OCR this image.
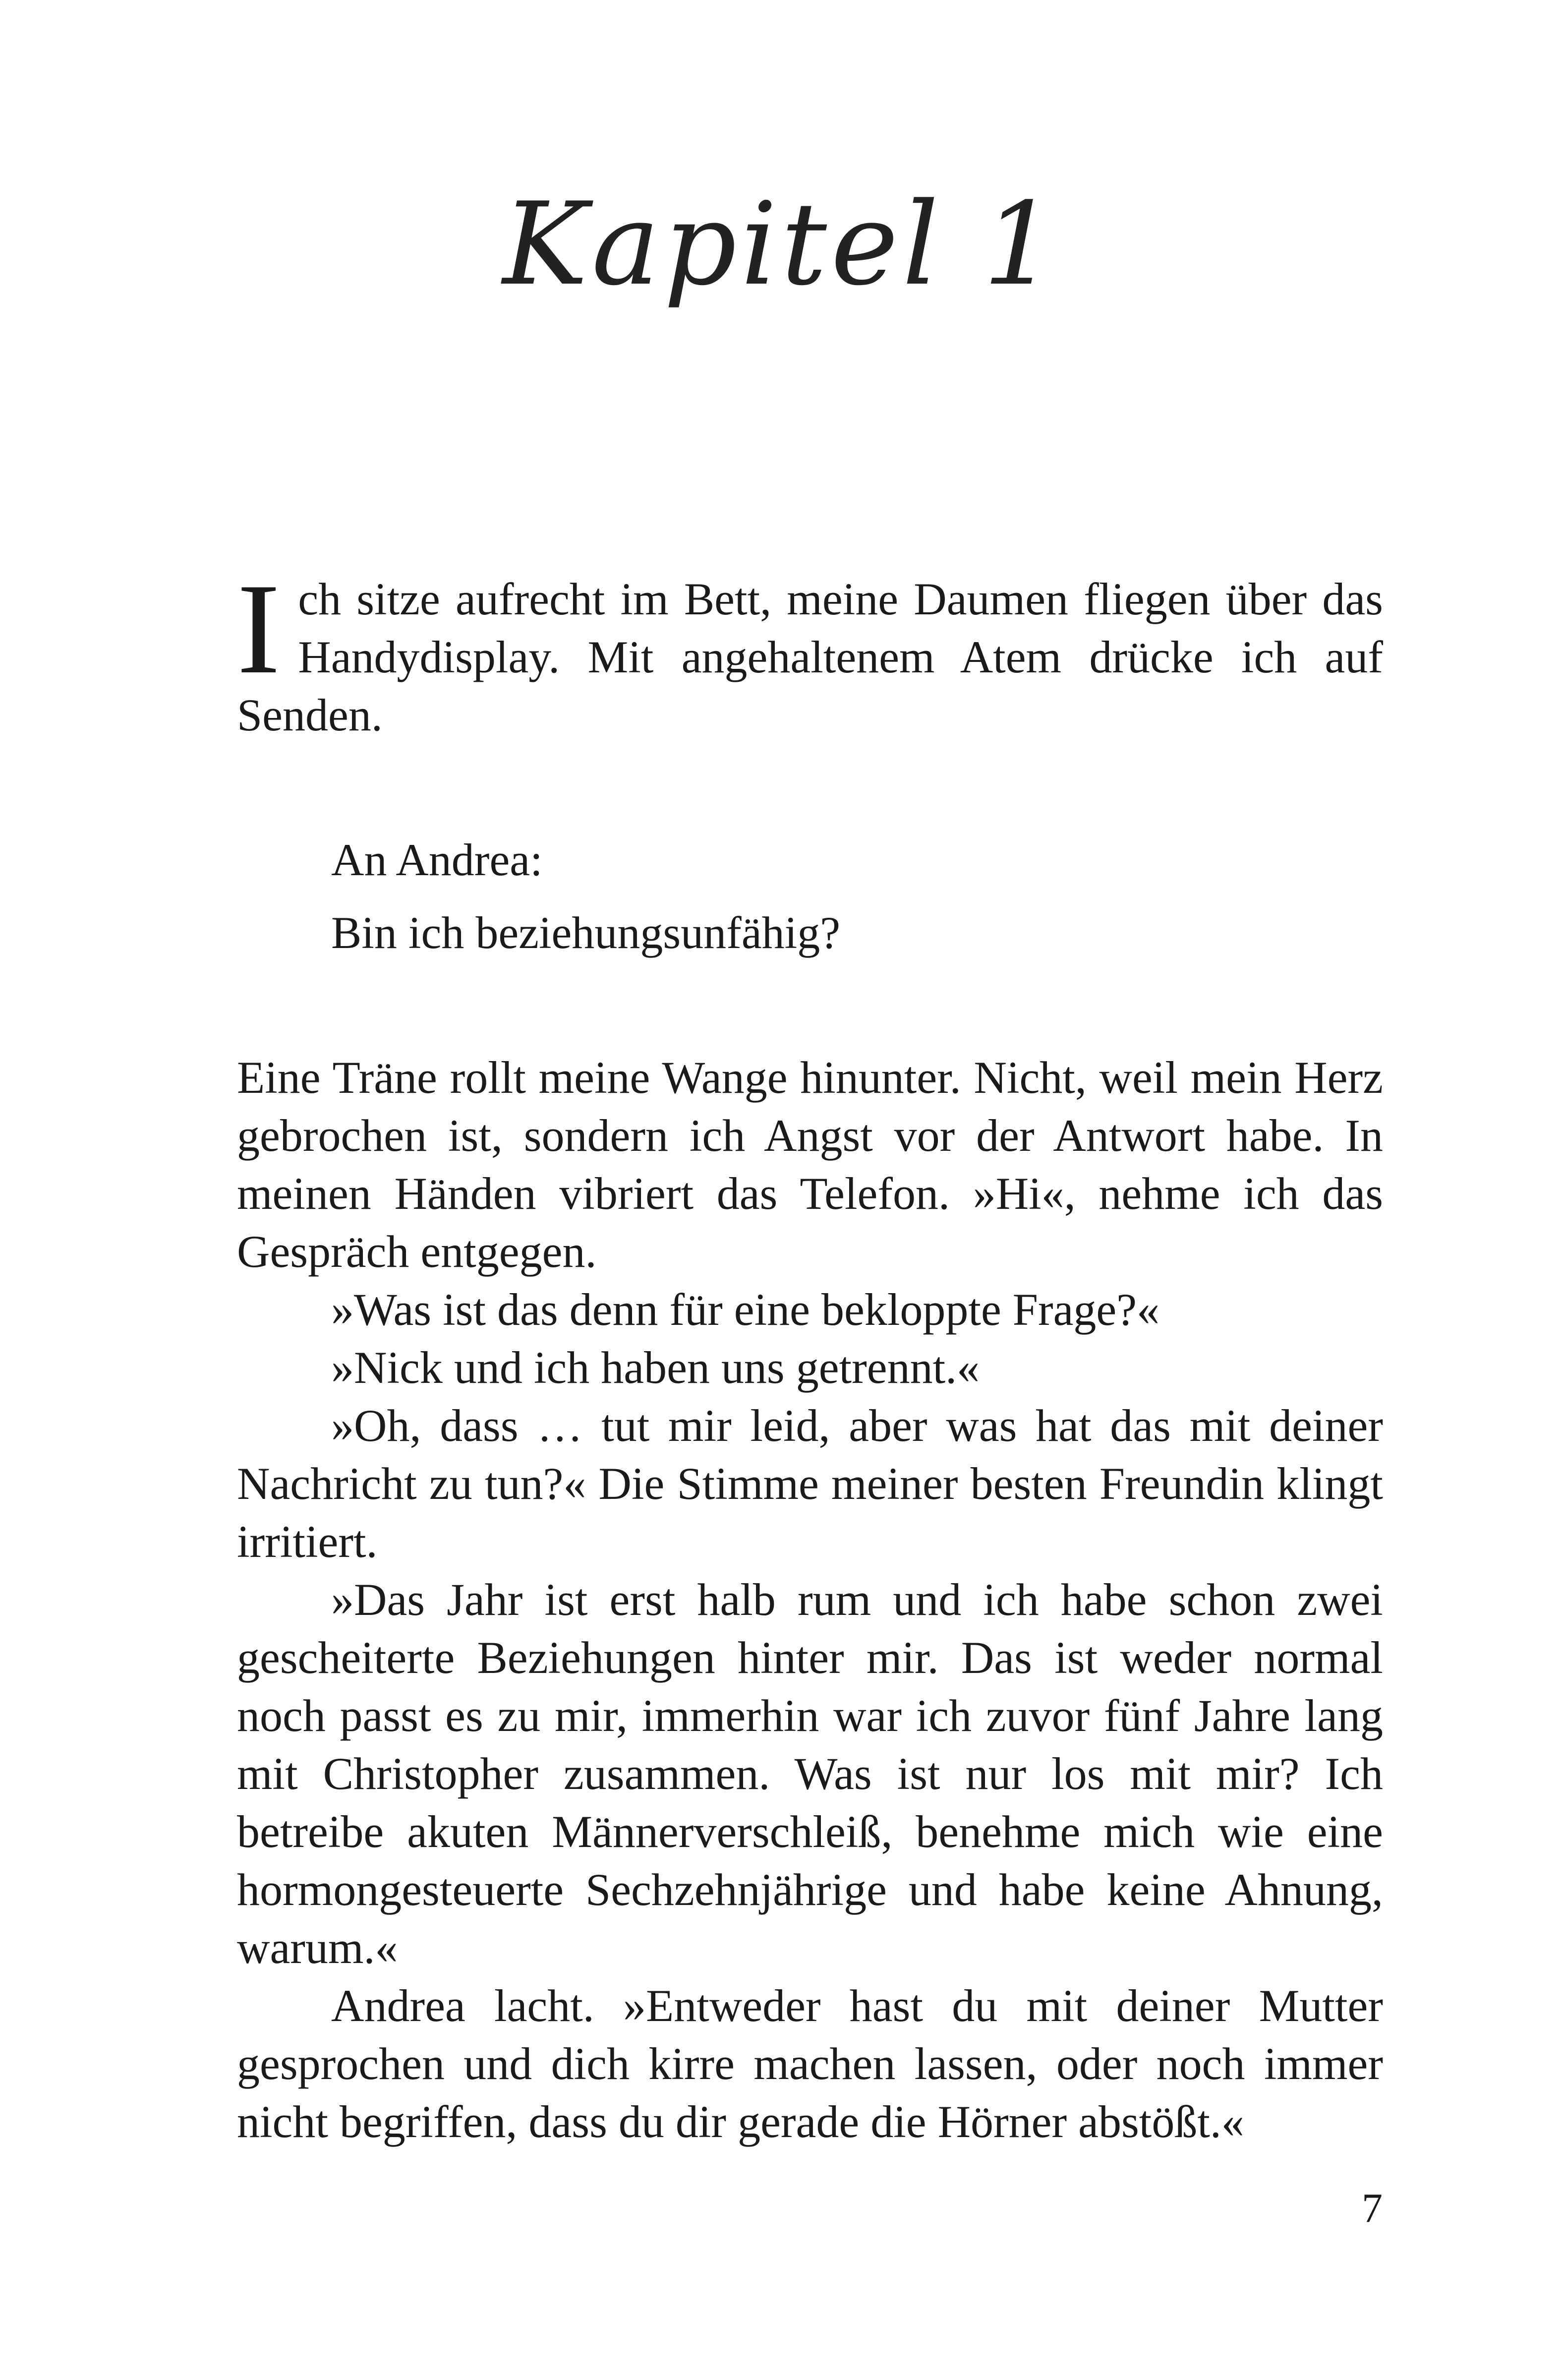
Kapitel 1

Ich sitze aufrecht im Bett, meine Daumen fliegen über das Handydisplay. Mit angehaltenem Atem drücke ich auf Senden.

An Andrea:
Bin ich beziehungsunfähig?

Eine Träne rollt meine Wange hinunter. Nicht, weil mein Herz gebrochen ist, sondern ich Angst vor der Antwort habe. In meinen Händen vibriert das Telefon. »Hi«, nehme ich das Gespräch entgegen.

»Was ist das denn für eine bekloppte Frage?«

»Nick und ich haben uns getrennt.«

»Oh, dass … tut mir leid, aber was hat das mit deiner Nachricht zu tun?« Die Stimme meiner besten Freundin klingt irritiert.

»Das Jahr ist erst halb rum und ich habe schon zwei gescheiterte Beziehungen hinter mir. Das ist weder normal noch passt es zu mir, immerhin war ich zuvor fünf Jahre lang mit Christopher zusammen. Was ist nur los mit mir? Ich betreibe akuten Männerverschleiß, benehme mich wie eine hormongesteuerte Sechzehnjährige und habe keine Ahnung, warum.«

Andrea lacht. »Entweder hast du mit deiner Mutter gesprochen und dich kirre machen lassen, oder noch immer nicht begriffen, dass du dir gerade die Hörner abstößt.«

7
